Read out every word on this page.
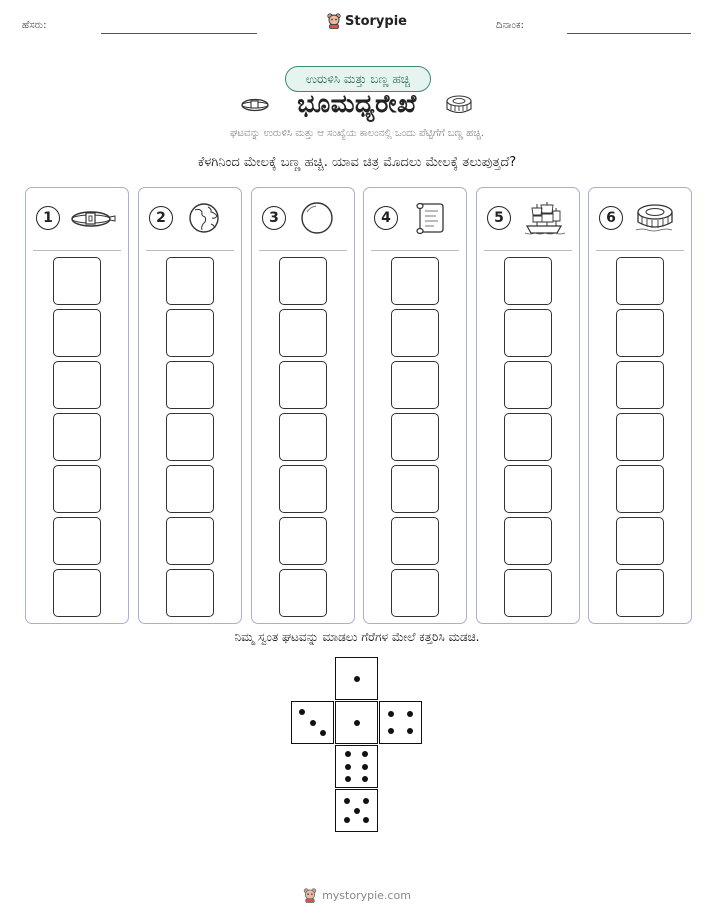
ಹೆಸರು:	Storypie	ದಿನಾಂಕ:
ಉರುಳಿಸಿ ಮತ್ತು ಬಣ್ಣ ಹಚ್ಚಿ
ಭೂಮಧ್ಯರೇಖೆ
ಘಟವನ್ನು ಉರುಳಿಸಿ ಮತ್ತು ಆ ಸಂಖ್ಯೆಯ ಕಾಲಂನಲ್ಲಿ ಒಂದು ಪೆಟ್ಟಿಗೆಗೆ ಬಣ್ಣ ಹಚ್ಚಿ.
ಕೆಳಗಿನಿಂದ ಮೇಲಕ್ಕೆ ಬಣ್ಣ ಹಚ್ಚಿ. ಯಾವ ಚಿತ್ರ ಮೊದಲು ಮೇಲಕ್ಕೆ ತಲುಪುತ್ತದೆ?
1	2	3	4	5	6
ನಿಮ್ಮ ಸ್ವಂತ ಘಟವನ್ನು ಮಾಡಲು ಗೆರೆಗಳ ಮೇಲೆ ಕತ್ತರಿಸಿ ಮಡಚಿ.
mystorypie.com
